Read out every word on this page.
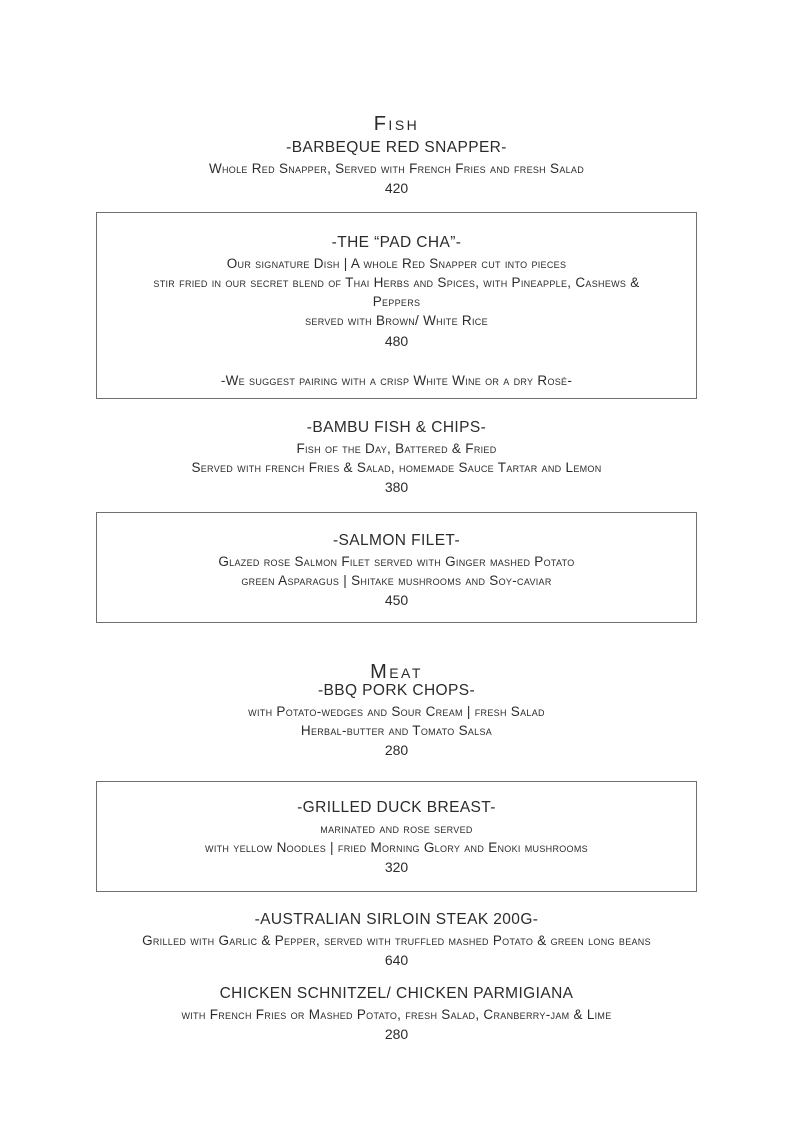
Fish

-BARBEQUE RED SNAPPER-

Whole Red Snapper, Served with French Fries and fresh Salad

420

-THE “PAD CHA”-

Our signature Dish | A whole Red Snapper cut into pieces

stir fried in our secret blend of Thai Herbs and Spices, with Pineapple, Cashews &

Peppers

served with Brown/ White Rice

480

-We suggest pairing with a crisp White Wine or a dry Rosé-

-BAMBU FISH & CHIPS-

Fish of the Day, Battered & Fried

Served with french Fries & Salad, homemade Sauce Tartar and Lemon

380

-SALMON FILET-

Glazed rose Salmon Filet served with Ginger mashed Potato

green Asparagus | Shitake mushrooms and Soy-caviar

450

Meat

-BBQ PORK CHOPS-

with Potato-wedges and Sour Cream | fresh Salad

Herbal-butter and Tomato Salsa

280

-GRILLED DUCK BREAST-

marinated and rose served

with yellow Noodles | fried Morning Glory and Enoki mushrooms

320

-AUSTRALIAN SIRLOIN STEAK 200G-

Grilled with Garlic & Pepper, served with truffled mashed Potato & green long beans

640

CHICKEN SCHNITZEL/ CHICKEN PARMIGIANA

with French Fries or Mashed Potato, fresh Salad, Cranberry-jam & Lime

280
